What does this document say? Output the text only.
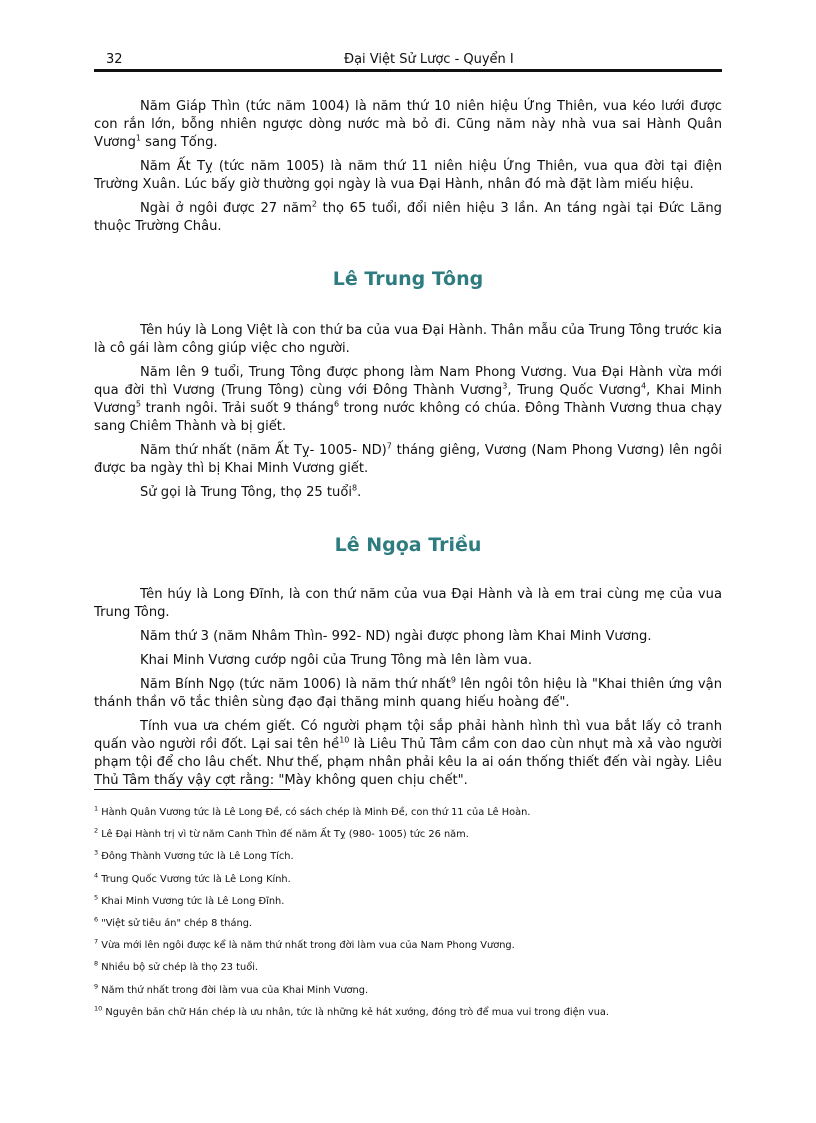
32	Đại Việt Sử Lược - Quyển I

Năm Giáp Thìn (tức năm 1004) là năm thứ 10 niên hiệu Ứng Thiên, vua kéo lưới được con rắn lớn, bỗng nhiên ngược dòng nước mà bỏ đi. Cũng năm này nhà vua sai Hành Quân Vương$^1$ sang Tống.

Năm Ất Tỵ (tức năm 1005) là năm thứ 11 niên hiệu Ứng Thiên, vua qua đời tại điện Trường Xuân. Lúc bấy giờ thường gọi ngày là vua Đại Hành, nhân đó mà đặt làm miếu hiệu.

Ngài ở ngôi được 27 năm$^2$ thọ 65 tuổi, đổi niên hiệu 3 lần. An táng ngài tại Đức Lăng thuộc Trường Châu.

Lê Trung Tông

Tên húy là Long Việt là con thứ ba của vua Đại Hành. Thân mẫu của Trung Tông trước kia là cô gái làm công giúp việc cho người.

Năm lên 9 tuổi, Trung Tông được phong làm Nam Phong Vương. Vua Đại Hành vừa mới qua đời thì Vương (Trung Tông) cùng với Đông Thành Vương$^3$, Trung Quốc Vương$^4$, Khai Minh Vương$^5$ tranh ngôi. Trải suốt 9 tháng$^6$ trong nước không có chúa. Đông Thành Vương thua chạy sang Chiêm Thành và bị giết.

Năm thứ nhất (năm Ất Tỵ- 1005- ND)$^7$ tháng giêng, Vương (Nam Phong Vương) lên ngôi được ba ngày thì bị Khai Minh Vương giết.

Sử gọi là Trung Tông, thọ 25 tuổi$^8$.

Lê Ngọa Triều

Tên húy là Long Đĩnh, là con thứ năm của vua Đại Hành và là em trai cùng mẹ của vua Trung Tông.

Năm thứ 3 (năm Nhâm Thìn- 992- ND) ngài được phong làm Khai Minh Vương.

Khai Minh Vương cướp ngôi của Trung Tông mà lên làm vua.

Năm Bính Ngọ (tức năm 1006) là năm thứ nhất$^9$ lên ngôi tôn hiệu là "Khai thiên ứng vận thánh thần võ tắc thiên sùng đạo đại thăng minh quang hiếu hoàng đế".

Tính vua ưa chém giết. Có người phạm tội sắp phải hành hình thì vua bắt lấy cỏ tranh quấn vào người rồi đốt. Lại sai tên hề$^{10}$ là Liêu Thủ Tâm cầm con dao cùn nhụt mà xả vào người phạm tội để cho lâu chết. Như thế, phạm nhân phải kêu la ai oán thống thiết đến vài ngày. Liêu Thủ Tâm thấy vậy cợt rằng: "Mày không quen chịu chết".

$^1$ Hành Quân Vương tức là Lê Long Đề, có sách chép là Minh Đề, con thứ 11 của Lê Hoàn.
$^2$ Lê Đại Hành trị vì từ năm Canh Thìn đế năm Ất Tỵ (980- 1005) tức 26 năm.
$^3$ Đông Thành Vương tức là Lê Long Tích.
$^4$ Trung Quốc Vương tức là Lê Long Kính.
$^5$ Khai Minh Vương tức là Lê Long Đĩnh.
$^6$ "Việt sử tiêu án" chép 8 tháng.
$^7$ Vừa mới lên ngôi được kể là năm thứ nhất trong đời làm vua của Nam Phong Vương.
$^8$ Nhiều bộ sử chép là thọ 23 tuổi.
$^9$ Năm thứ nhất trong đời làm vua của Khai Minh Vương.
$^{10}$ Nguyên bản chữ Hán chép là ưu nhân, tức là những kẻ hát xướng, đóng trò để mua vui trong điện vua.
